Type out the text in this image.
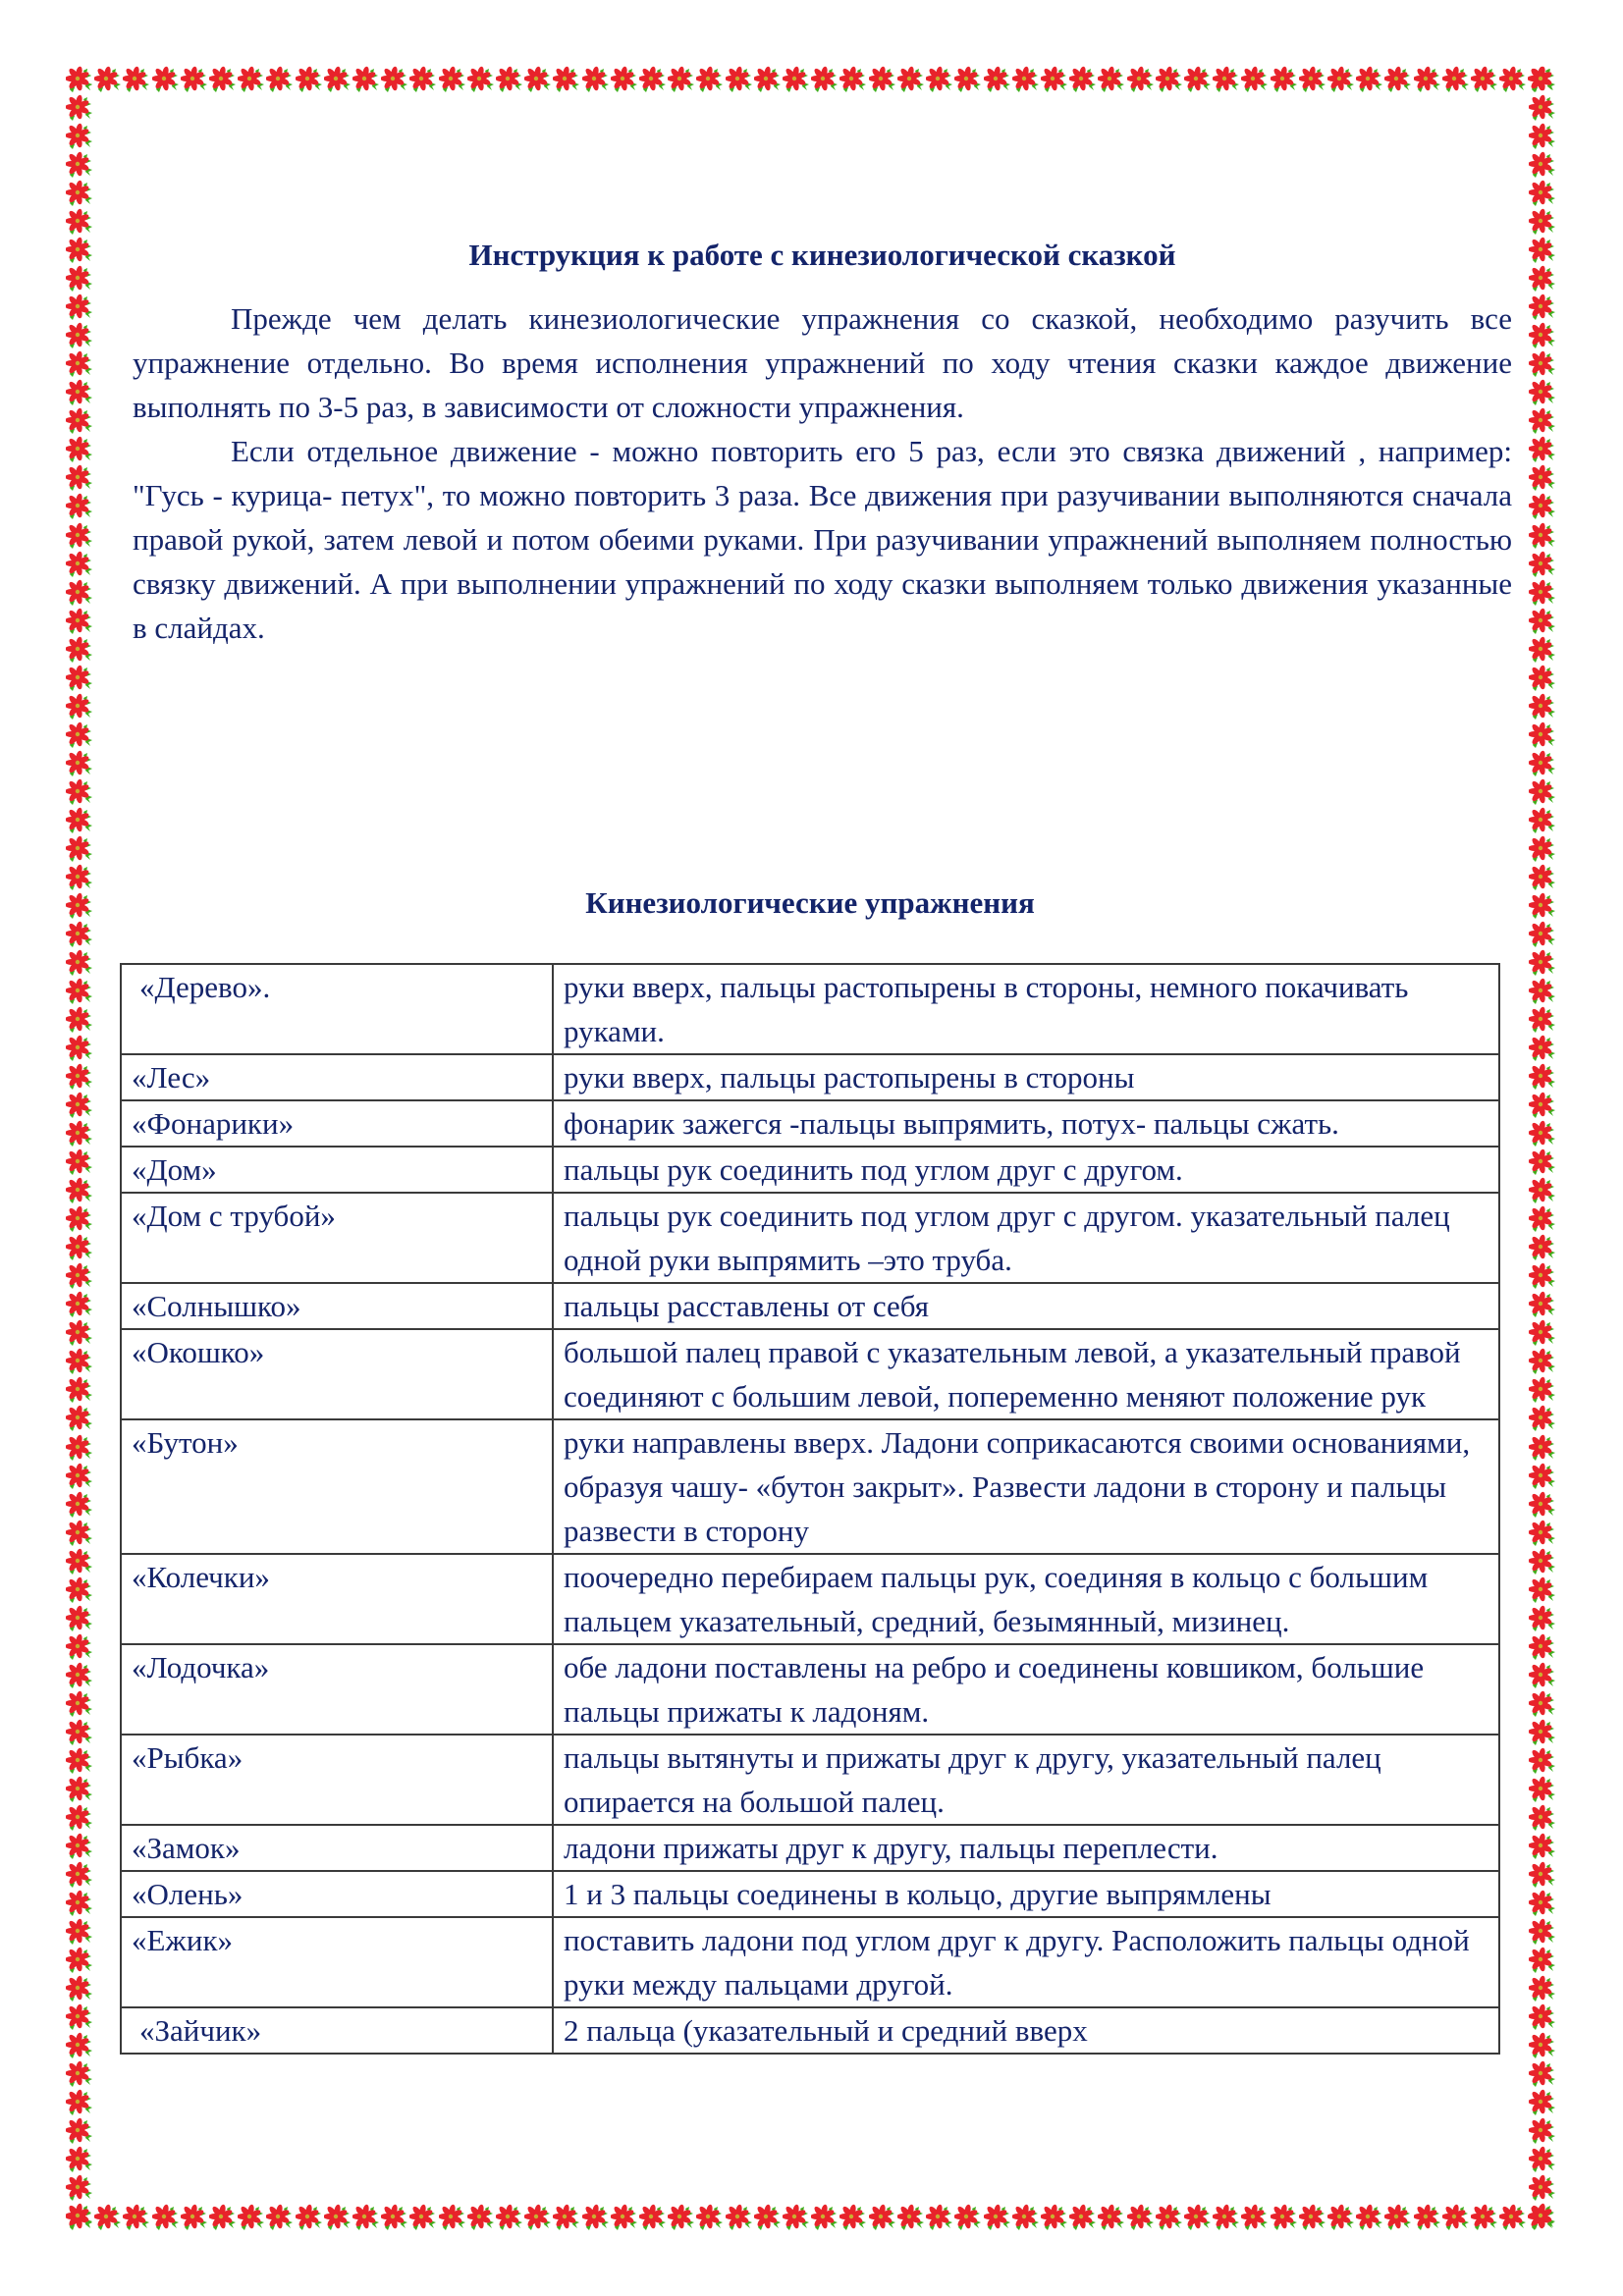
Инструкция к работе с кинезиологической сказкой

Прежде чем делать кинезиологические упражнения со сказкой, необходимо разучить все упражнение отдельно. Во время исполнения упражнений по ходу чтения сказки каждое движение выполнять по 3-5 раз, в зависимости от сложности упражнения.

Если отдельное движение - можно повторить его 5 раз, если это связка движений , например: "Гусь - курица- петух", то можно повторить 3 раза. Все движения при разучивании выполняются сначала правой рукой, затем левой и потом обеими руками. При разучивании упражнений выполняем полностью связку движений. А при выполнении упражнений по ходу сказки выполняем только движения указанные в слайдах.

Кинезиологические упражнения
«Дерево».	руки вверх, пальцы растопырены в стороны, немного покачивать руками.
«Лес»	руки вверх, пальцы растопырены в стороны
«Фонарики»	фонарик зажегся -пальцы выпрямить, потух- пальцы сжать.
«Дом»	пальцы рук соединить под углом друг с другом.
«Дом с трубой»	пальцы рук соединить под углом друг с другом. указательный палец одной руки выпрямить –это труба.
«Солнышко»	пальцы расставлены от себя
«Окошко»	большой палец правой с указательным левой, а указательный правой соединяют с большим левой, попеременно меняют положение рук
«Бутон»	руки направлены вверх. Ладони соприкасаются своими основаниями, образуя чашу- «бутон закрыт». Развести ладони в сторону и пальцы развести в сторону
«Колечки»	поочередно перебираем пальцы рук, соединяя в кольцо с большим пальцем указательный, средний, безымянный, мизинец.
«Лодочка»	обе ладони поставлены на ребро и соединены ковшиком, большие пальцы прижаты к ладоням.
«Рыбка»	пальцы вытянуты и прижаты друг к другу, указательный палец опирается на большой палец.
«Замок»	ладони прижаты друг к другу, пальцы переплести.
«Олень»	1 и 3 пальцы соединены в кольцо, другие выпрямлены
«Ежик»	поставить ладони под углом друг к другу. Расположить пальцы одной руки между пальцами другой.
«Зайчик»	2 пальца (указательный и средний вверх
